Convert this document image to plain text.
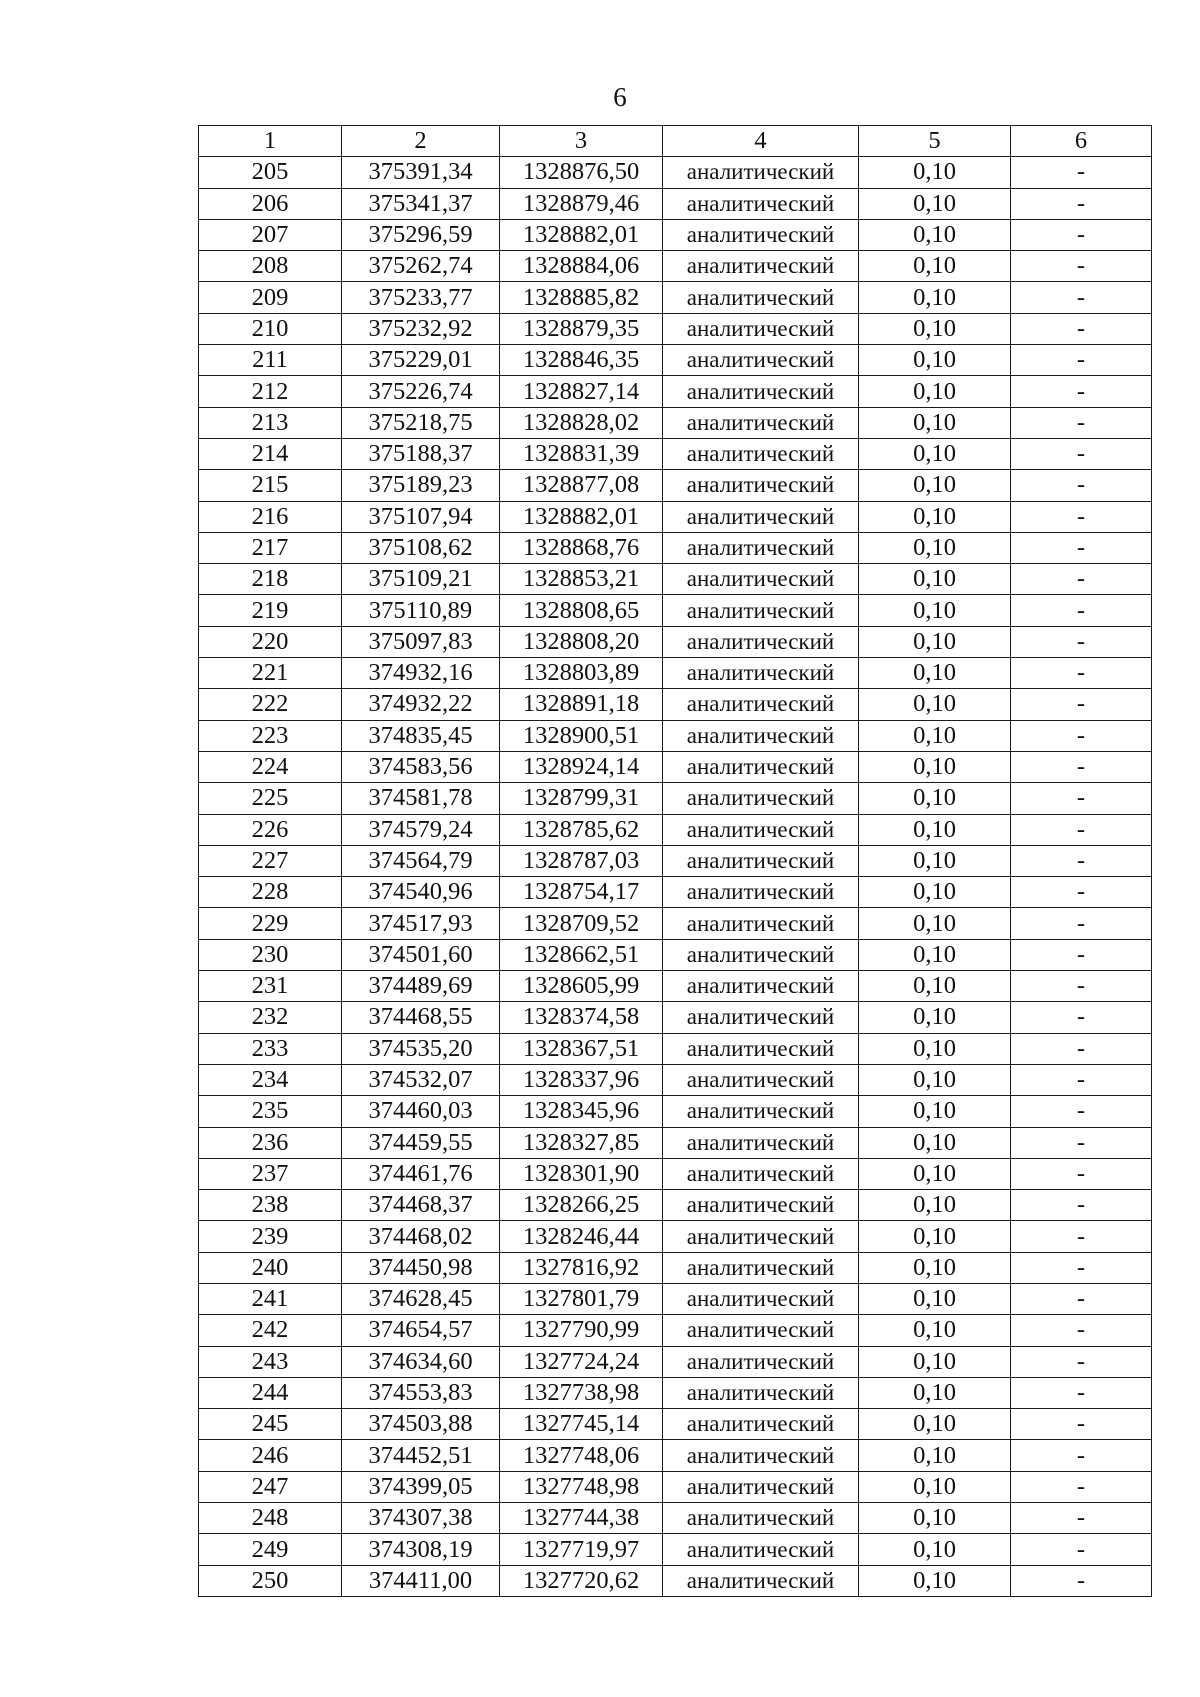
6
1	2	3	4	5	6
205	375391,34	1328876,50	аналитический	0,10	-
206	375341,37	1328879,46	аналитический	0,10	-
207	375296,59	1328882,01	аналитический	0,10	-
208	375262,74	1328884,06	аналитический	0,10	-
209	375233,77	1328885,82	аналитический	0,10	-
210	375232,92	1328879,35	аналитический	0,10	-
211	375229,01	1328846,35	аналитический	0,10	-
212	375226,74	1328827,14	аналитический	0,10	-
213	375218,75	1328828,02	аналитический	0,10	-
214	375188,37	1328831,39	аналитический	0,10	-
215	375189,23	1328877,08	аналитический	0,10	-
216	375107,94	1328882,01	аналитический	0,10	-
217	375108,62	1328868,76	аналитический	0,10	-
218	375109,21	1328853,21	аналитический	0,10	-
219	375110,89	1328808,65	аналитический	0,10	-
220	375097,83	1328808,20	аналитический	0,10	-
221	374932,16	1328803,89	аналитический	0,10	-
222	374932,22	1328891,18	аналитический	0,10	-
223	374835,45	1328900,51	аналитический	0,10	-
224	374583,56	1328924,14	аналитический	0,10	-
225	374581,78	1328799,31	аналитический	0,10	-
226	374579,24	1328785,62	аналитический	0,10	-
227	374564,79	1328787,03	аналитический	0,10	-
228	374540,96	1328754,17	аналитический	0,10	-
229	374517,93	1328709,52	аналитический	0,10	-
230	374501,60	1328662,51	аналитический	0,10	-
231	374489,69	1328605,99	аналитический	0,10	-
232	374468,55	1328374,58	аналитический	0,10	-
233	374535,20	1328367,51	аналитический	0,10	-
234	374532,07	1328337,96	аналитический	0,10	-
235	374460,03	1328345,96	аналитический	0,10	-
236	374459,55	1328327,85	аналитический	0,10	-
237	374461,76	1328301,90	аналитический	0,10	-
238	374468,37	1328266,25	аналитический	0,10	-
239	374468,02	1328246,44	аналитический	0,10	-
240	374450,98	1327816,92	аналитический	0,10	-
241	374628,45	1327801,79	аналитический	0,10	-
242	374654,57	1327790,99	аналитический	0,10	-
243	374634,60	1327724,24	аналитический	0,10	-
244	374553,83	1327738,98	аналитический	0,10	-
245	374503,88	1327745,14	аналитический	0,10	-
246	374452,51	1327748,06	аналитический	0,10	-
247	374399,05	1327748,98	аналитический	0,10	-
248	374307,38	1327744,38	аналитический	0,10	-
249	374308,19	1327719,97	аналитический	0,10	-
250	374411,00	1327720,62	аналитический	0,10	-
